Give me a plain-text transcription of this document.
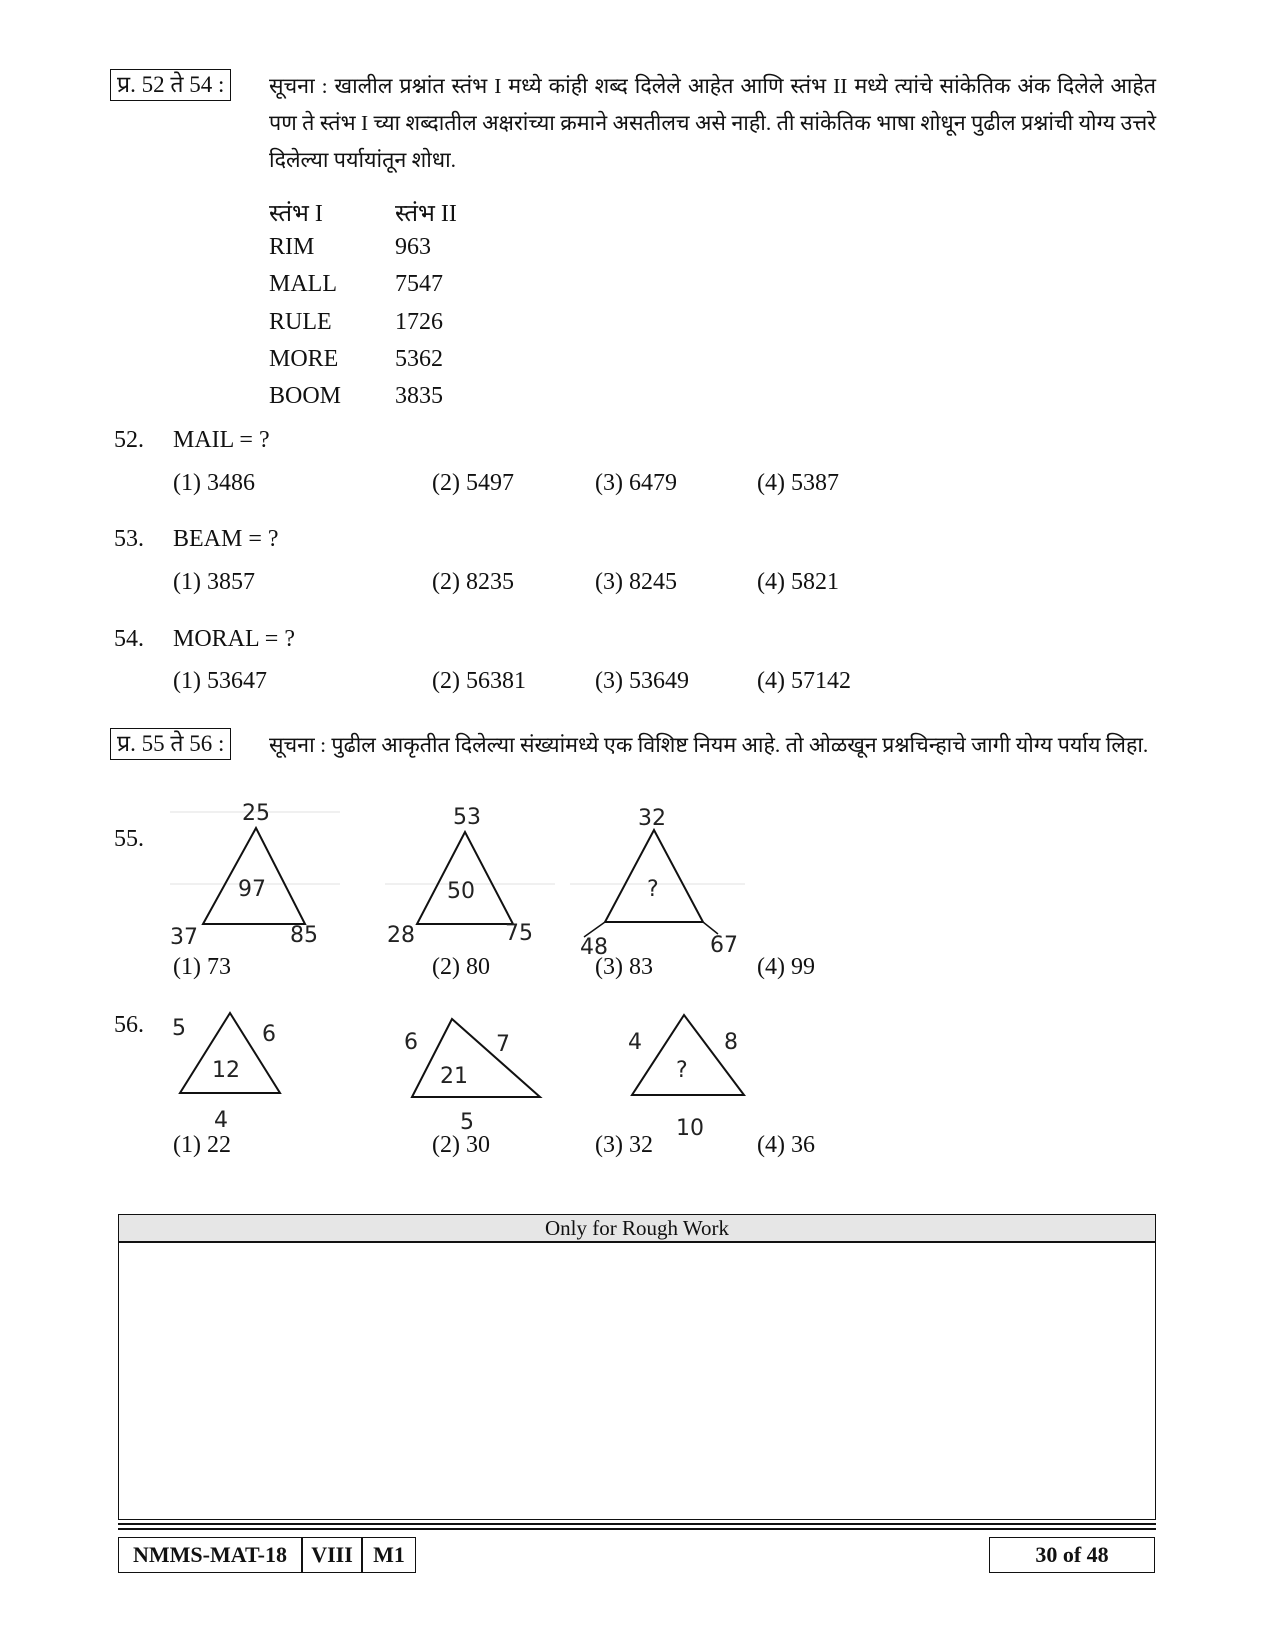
प्र. 52 ते 54 :	सूचना : खालील प्रश्नांत स्तंभ I मध्ये कांही शब्द दिलेले आहेत आणि स्तंभ II मध्ये त्यांचे सांकेतिक अंक दिलेले आहेत पण ते स्तंभ I च्या शब्दातील अक्षरांच्या क्रमाने असतीलच असे नाही. ती सांकेतिक भाषा शोधून पुढील प्रश्नांची योग्य उत्तरे दिलेल्या पर्यायांतून शोधा.
स्तंभ I	स्तंभ II
RIM	963
MALL 7547
RULE	1726
MORE 5362
BOOM 3835
52. MAIL = ?
(1) 3486	(2) 5497	(3) 6479	(4) 5387
53. BEAM = ?
(1) 3857	(2) 8235	(3) 8245	(4) 5821
54. MORAL = ?
(1) 53647	(2) 56381	(3) 53649	(4) 57142
प्र. 55 ते 56 :	सूचना : पुढील आकृतीत दिलेल्या संख्यांमध्ये एक विशिष्ट नियम आहे. तो ओळखून प्रश्नचिन्हाचे जागी योग्य पर्याय लिहा.
55.
25
97
37	85
53
50
28	75
32
?
48	67
(1) 73	(2) 80	(3) 83	(4) 99
56. 5	6
12
4
6	7
21
5
4	8
?
10
(1) 22	(2) 30	(3) 32	(4) 36
Only for Rough Work
NMMS-MAT-18	VIII M1	30 of 48
